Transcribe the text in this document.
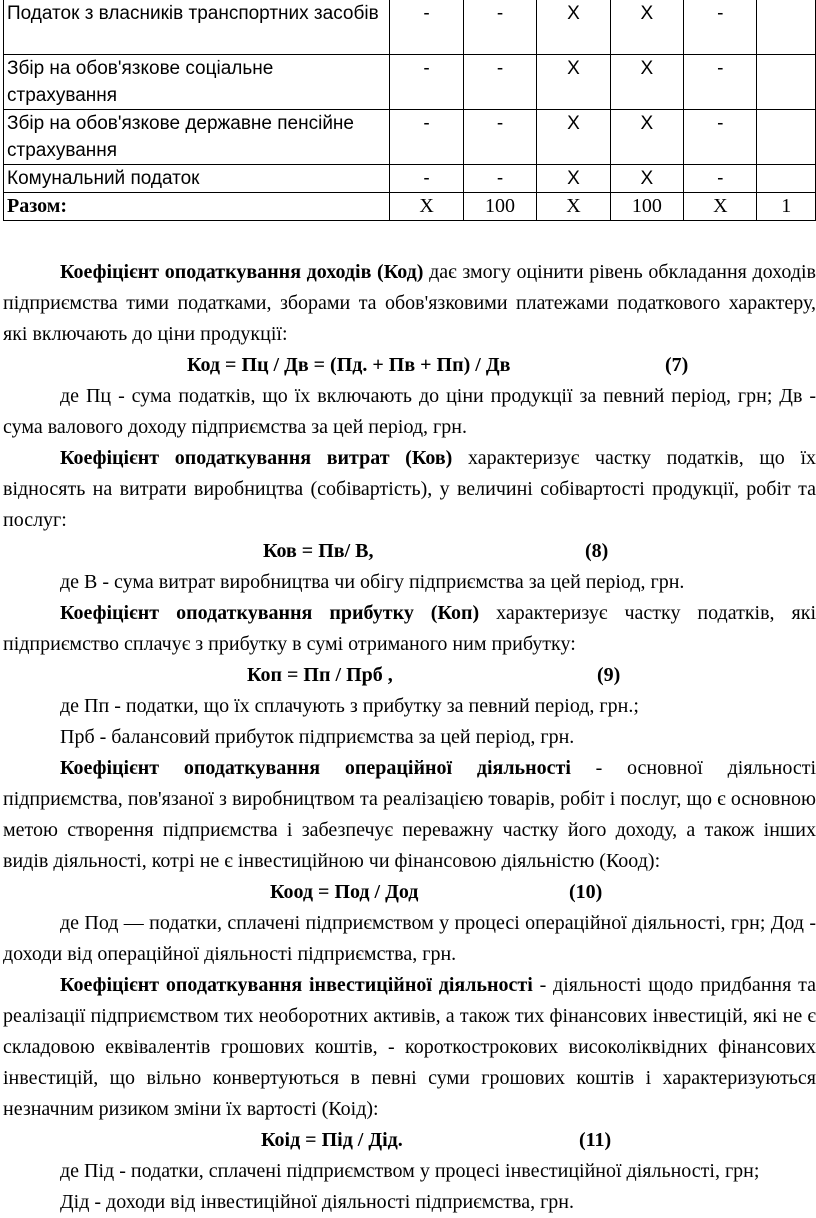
Податок з власників транспортних засобів	-	-	X	X	-	
Збір на обов'язкове соціальне страхування	-	-	X	X	-	
Збір на обов'язкове державне пенсійне страхування	-	-	X	X	-	
Комунальний податок	-	-	X	X	-	
Разом:	X	100	X	100	X	1

Коефіцієнт оподаткування доходів (Код) дає змогу оцінити рівень обкладання доходів підприємства тими податками, зборами та обов'язковими платежами податкового характеру, які включають до ціни продукції:

Код = Пц / Дв = (Пд. + Пв + Пп) / Дв	(7)

де Пц - сума податків, що їх включають до ціни продукції за певний період, грн; Дв - сума валового доходу підприємства за цей період, грн.

Коефіцієнт оподаткування витрат (Ков) характеризує частку податків, що їх відносять на витрати виробництва (собівартість), у величині собівартості продукції, робіт та послуг:

Ков = Пв/ В,	(8)

де В - сума витрат виробництва чи обігу підприємства за цей період, грн.

Коефіцієнт оподаткування прибутку (Коп) характеризує частку податків, які підприємство сплачує з прибутку в сумі отриманого ним прибутку:

Коп = Пп / Прб ,	(9)

де Пп - податки, що їх сплачують з прибутку за певний період, грн.;

Прб - балансовий прибуток підприємства за цей період, грн.

Коефіцієнт оподаткування операційної діяльності - основної діяльності підприємства, пов'язаної з виробництвом та реалізацією товарів, робіт і послуг, що є основною метою створення підприємства і забезпечує переважну частку його доходу, а також інших видів діяльності, котрі не є інвестиційною чи фінансовою діяльністю (Коод):

Коод = Под / Дод	(10)

де Под — податки, сплачені підприємством у процесі операційної діяльності, грн; Дод - доходи від операційної діяльності підприємства, грн.

Коефіцієнт оподаткування інвестиційної діяльності - діяльності щодо придбання та реалізації підприємством тих необоротних активів, а також тих фінансових інвестицій, які не є складовою еквівалентів грошових коштів, - короткострокових високоліквідних фінансових інвестицій, що вільно конвертуються в певні суми грошових коштів і характеризуються незначним ризиком зміни їх вартості (Коід):

Коід = Під / Дід.	(11)

де Під - податки, сплачені підприємством у процесі інвестиційної діяльності, грн;

Дід - доходи від інвестиційної діяльності підприємства, грн.
